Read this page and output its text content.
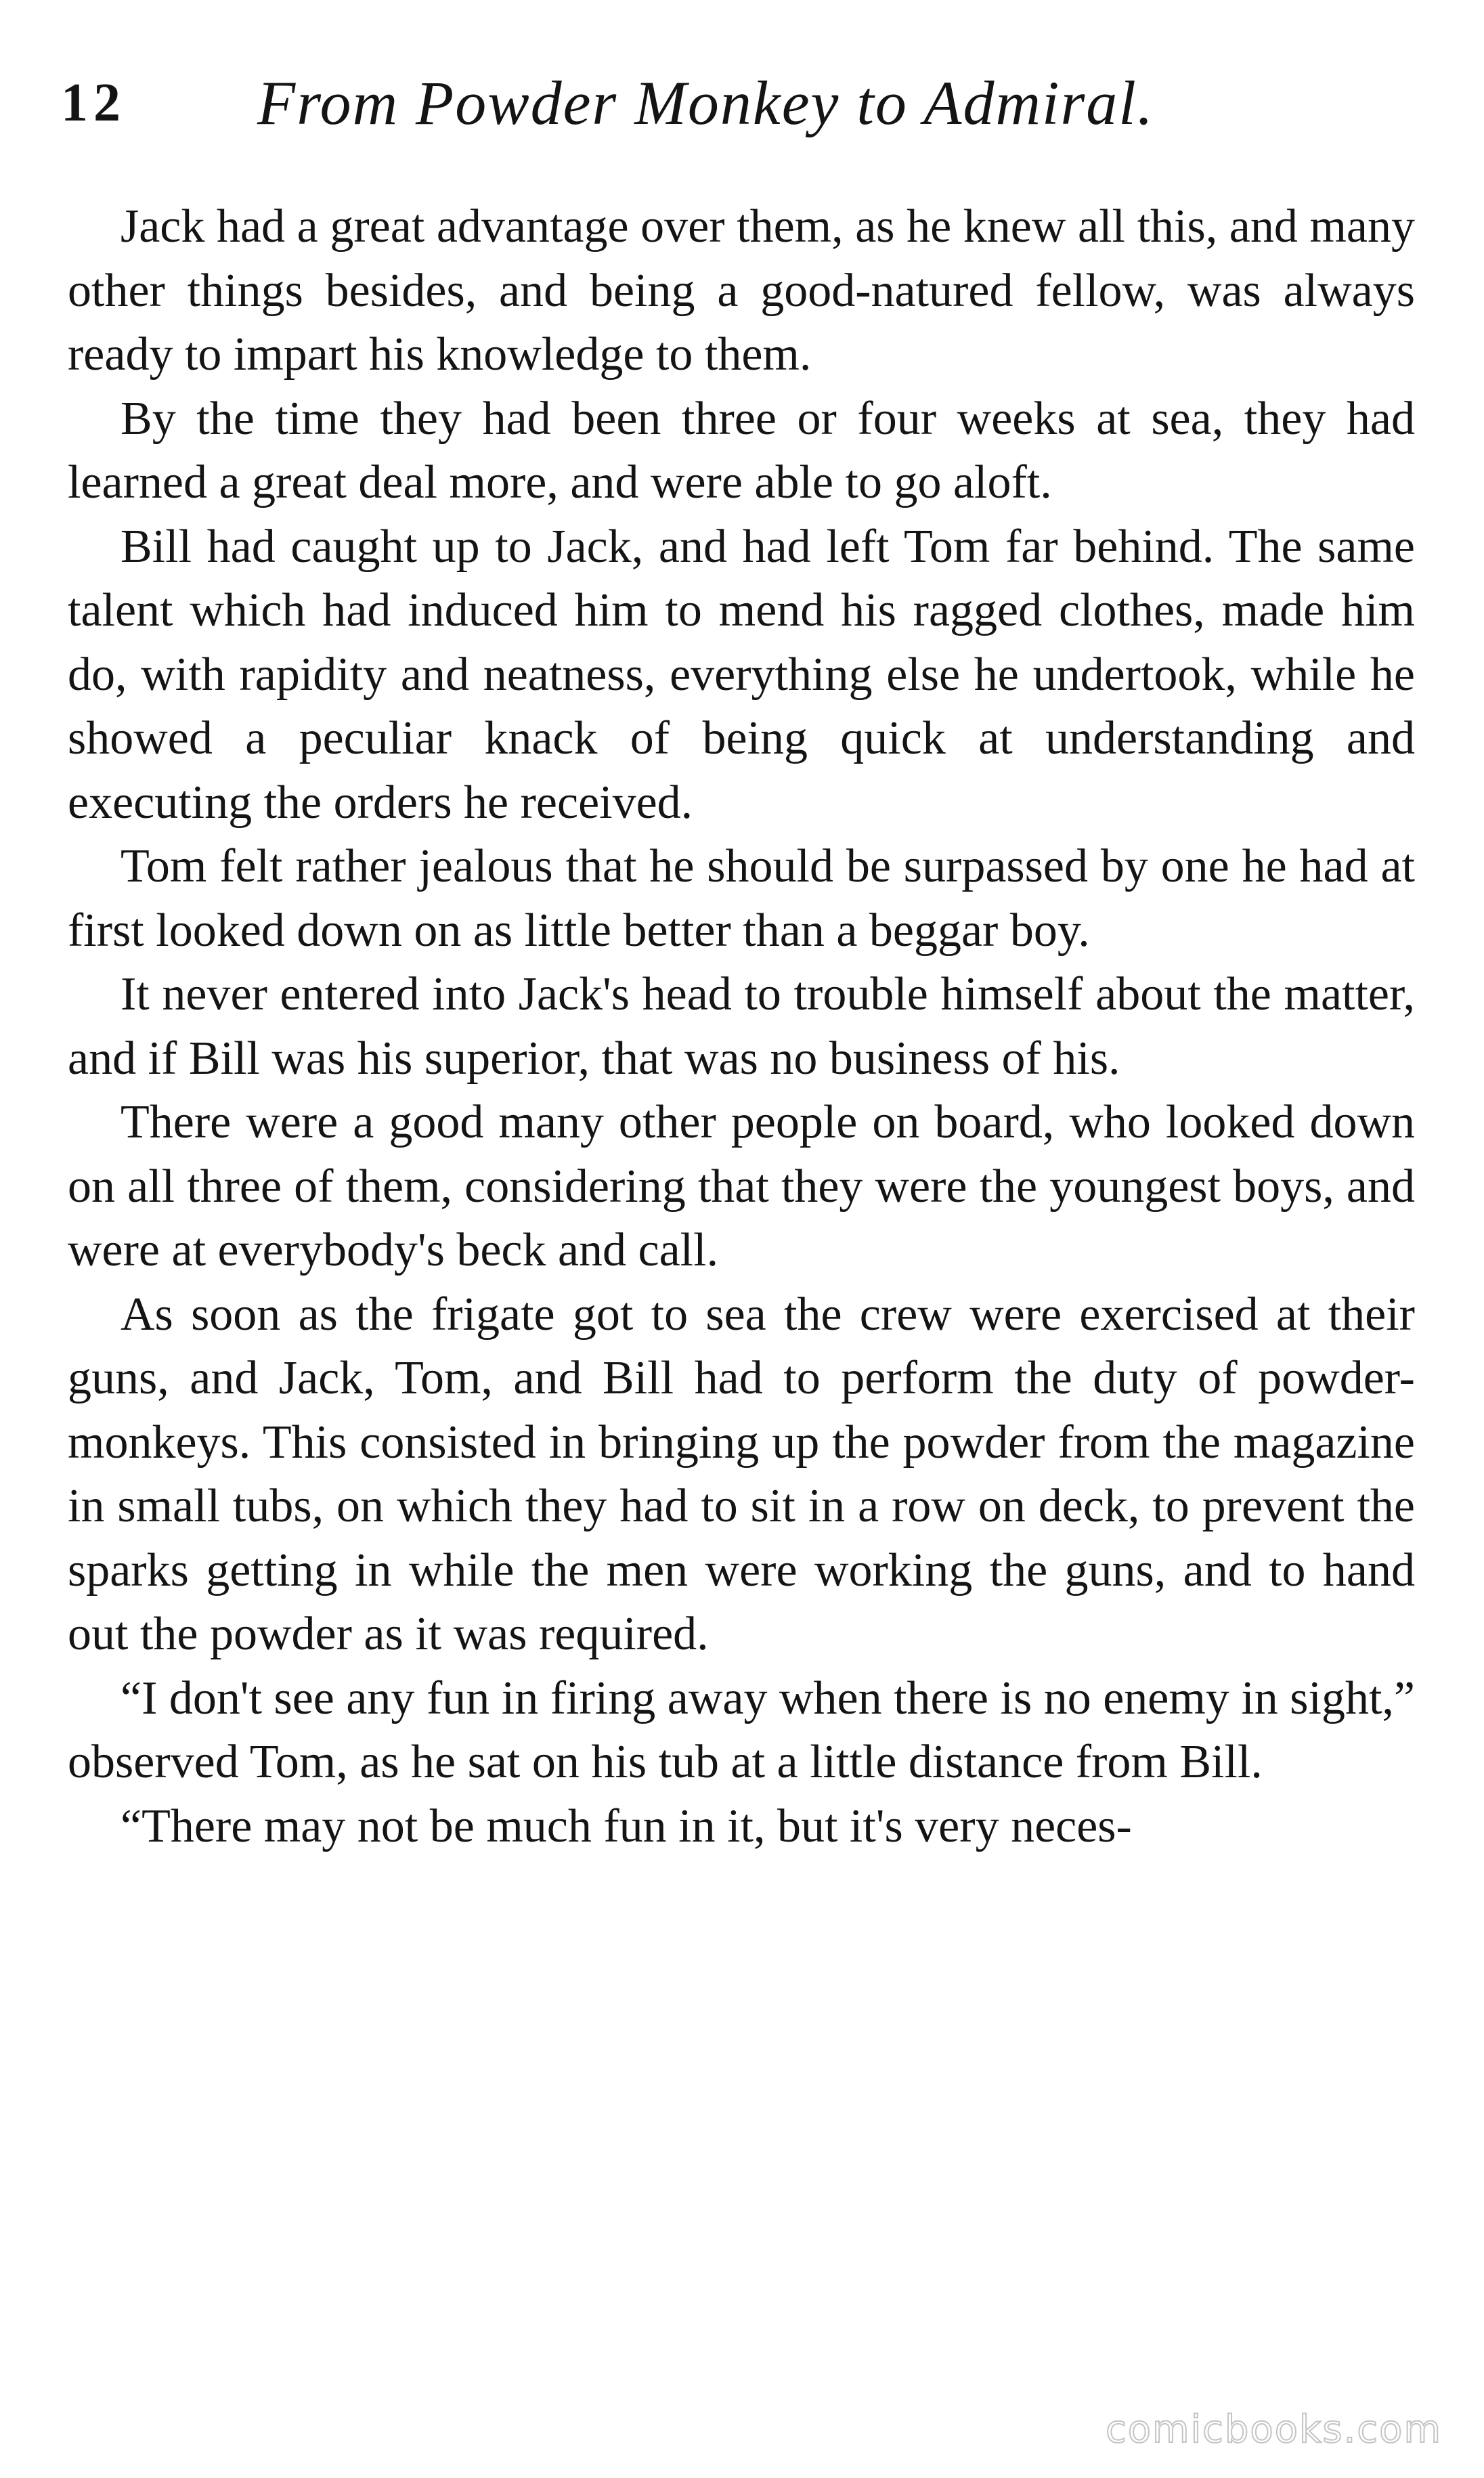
12 From Powder Monkey to Admiral.

Jack had a great advantage over them, as he knew all this, and many other things besides, and being a good-natured fellow, was always ready to impart his knowledge to them.

By the time they had been three or four weeks at sea, they had learned a great deal more, and were able to go aloft.

Bill had caught up to Jack, and had left Tom far behind. The same talent which had induced him to mend his ragged clothes, made him do, with rapidity and neatness, everything else he undertook, while he showed a peculiar knack of being quick at understanding and executing the orders he received.

Tom felt rather jealous that he should be surpassed by one he had at first looked down on as little better than a beggar boy.

It never entered into Jack's head to trouble himself about the matter, and if Bill was his superior, that was no business of his.

There were a good many other people on board, who looked down on all three of them, considering that they were the youngest boys, and were at everybody's beck and call.

As soon as the frigate got to sea the crew were exercised at their guns, and Jack, Tom, and Bill had to perform the duty of powder-monkeys. This consisted in bringing up the powder from the magazine in small tubs, on which they had to sit in a row on deck, to prevent the sparks getting in while the men were working the guns, and to hand out the powder as it was required.

“I don't see any fun in firing away when there is no enemy in sight,” observed Tom, as he sat on his tub at a little distance from Bill.

“There may not be much fun in it, but it's very neces-

comicbooks.com
